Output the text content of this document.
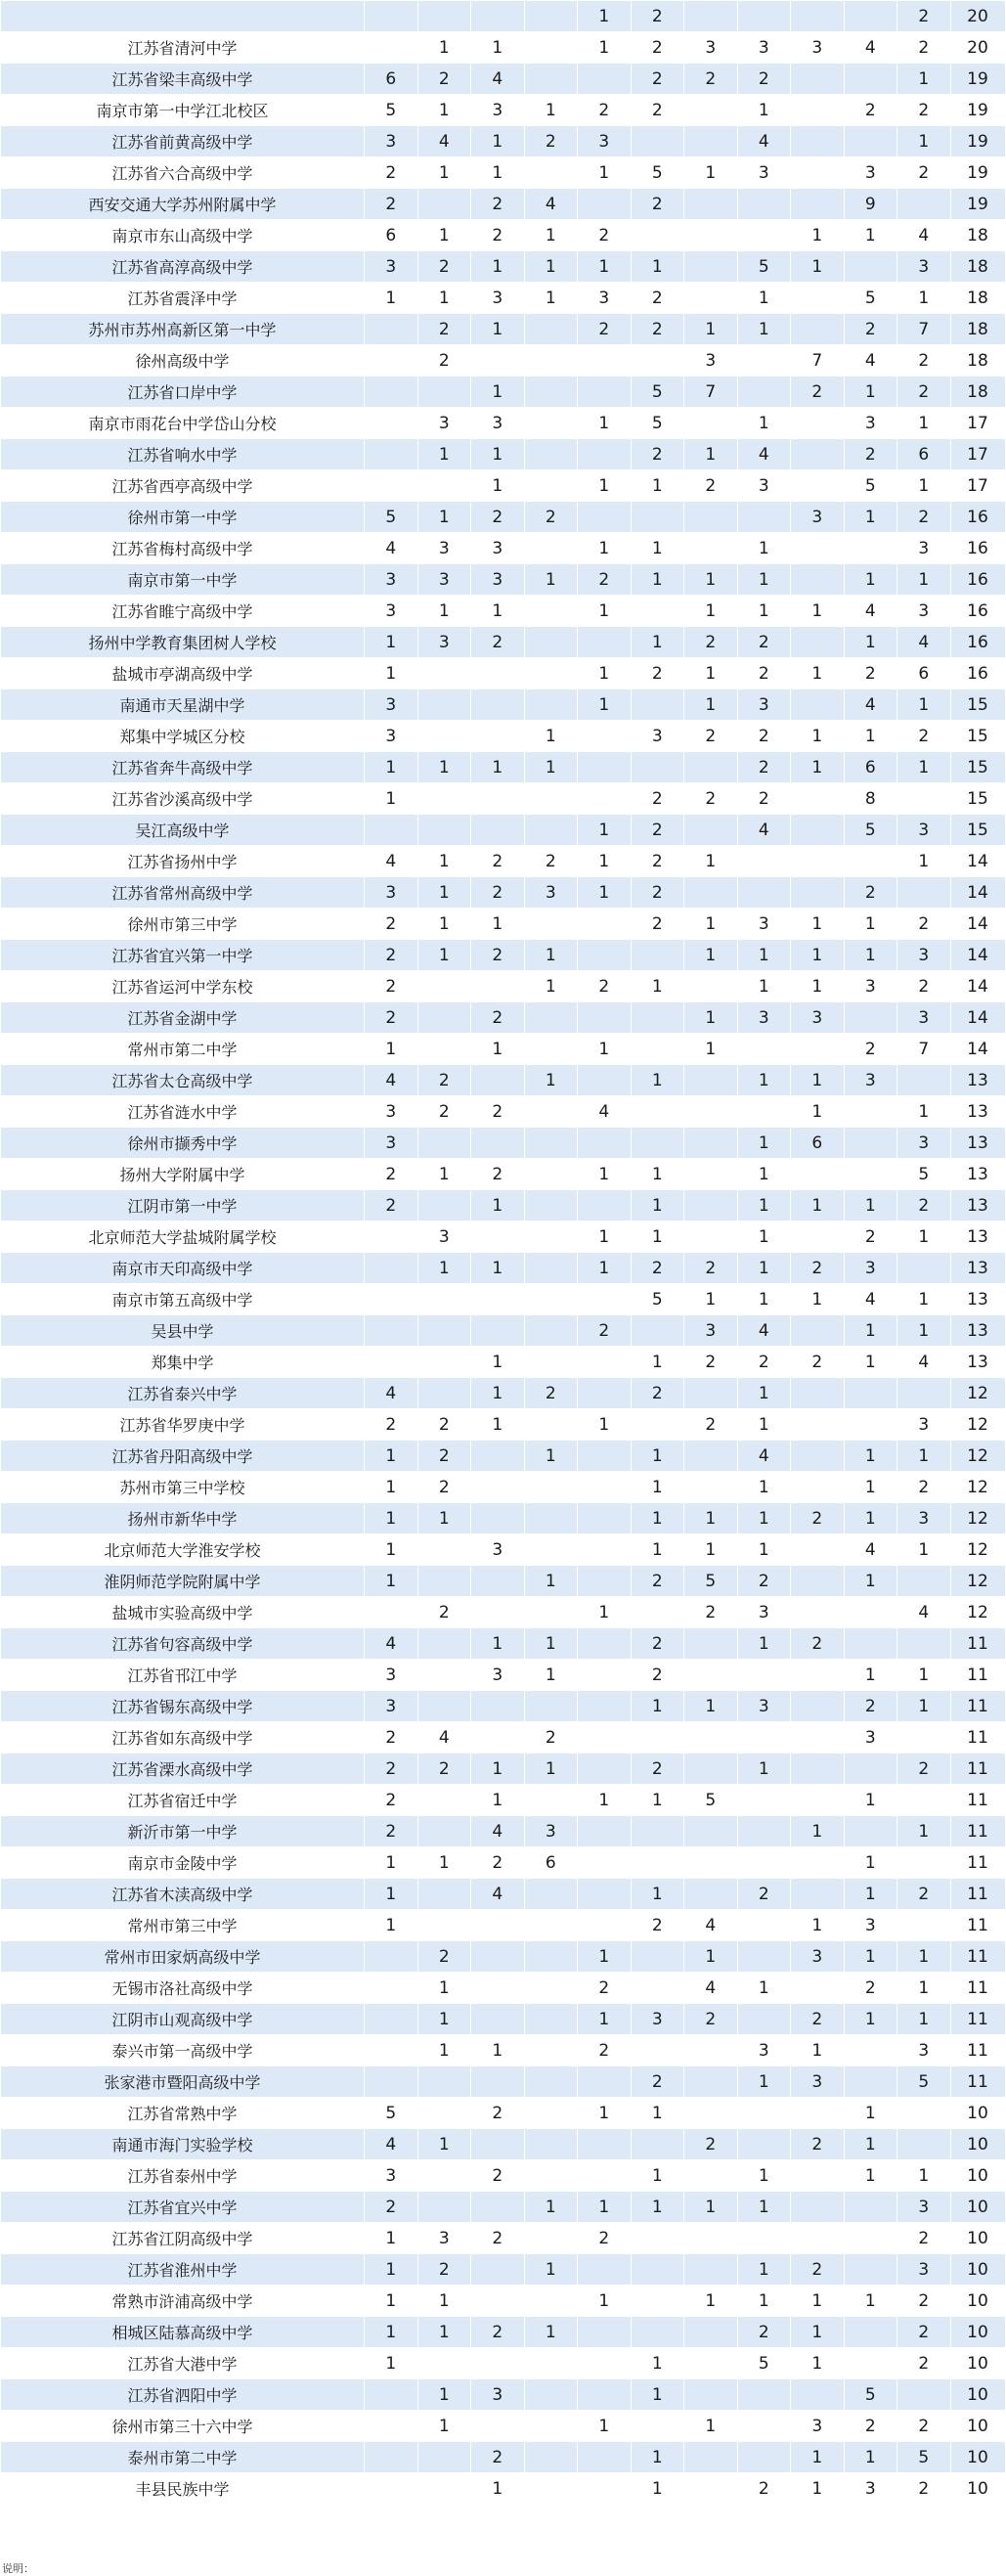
					1	2					2	20
江苏省清河中学		1	1		1	2	3	3	3	4	2	20
江苏省梁丰高级中学	6	2	4			2	2	2			1	19
南京市第一中学江北校区	5	1	3	1	2	2		1		2	2	19
江苏省前黄高级中学	3	4	1	2	3			4			1	19
江苏省六合高级中学	2	1	1		1	5	1	3		3	2	19
西安交通大学苏州附属中学	2		2	4		2				9		19
南京市东山高级中学	6	1	2	1	2				1	1	4	18
江苏省高淳高级中学	3	2	1	1	1	1		5	1		3	18
江苏省震泽中学	1	1	3	1	3	2		1		5	1	18
苏州市苏州高新区第一中学		2	1		2	2	1	1		2	7	18
徐州高级中学		2					3		7	4	2	18
江苏省口岸中学			1			5	7		2	1	2	18
南京市雨花台中学岱山分校		3	3		1	5		1		3	1	17
江苏省响水中学		1	1			2	1	4		2	6	17
江苏省西亭高级中学			1		1	1	2	3		5	1	17
徐州市第一中学	5	1	2	2					3	1	2	16
江苏省梅村高级中学	4	3	3		1	1		1			3	16
南京市第一中学	3	3	3	1	2	1	1	1		1	1	16
江苏省睢宁高级中学	3	1	1		1		1	1	1	4	3	16
扬州中学教育集团树人学校	1	3	2			1	2	2		1	4	16
盐城市亭湖高级中学	1				1	2	1	2	1	2	6	16
南通市天星湖中学	3				1		1	3		4	1	15
郑集中学城区分校	3			1		3	2	2	1	1	2	15
江苏省奔牛高级中学	1	1	1	1				2	1	6	1	15
江苏省沙溪高级中学	1					2	2	2		8		15
吴江高级中学					1	2		4		5	3	15
江苏省扬州中学	4	1	2	2	1	2	1				1	14
江苏省常州高级中学	3	1	2	3	1	2				2		14
徐州市第三中学	2	1	1			2	1	3	1	1	2	14
江苏省宜兴第一中学	2	1	2	1			1	1	1	1	3	14
江苏省运河中学东校	2			1	2	1		1	1	3	2	14
江苏省金湖中学	2		2				1	3	3		3	14
常州市第二中学	1		1		1		1			2	7	14
江苏省太仓高级中学	4	2		1		1		1	1	3		13
江苏省涟水中学	3	2	2		4				1		1	13
徐州市撷秀中学	3							1	6		3	13
扬州大学附属中学	2	1	2		1	1		1			5	13
江阴市第一中学	2		1			1		1	1	1	2	13
北京师范大学盐城附属学校		3			1	1		1		2	1	13
南京市天印高级中学		1	1		1	2	2	1	2	3		13
南京市第五高级中学						5	1	1	1	4	1	13
吴县中学					2		3	4		1	1	13
郑集中学			1			1	2	2	2	1	4	13
江苏省泰兴中学	4		1	2		2		1				12
江苏省华罗庚中学	2	2	1		1		2	1			3	12
江苏省丹阳高级中学	1	2		1		1		4		1	1	12
苏州市第三中学校	1	2				1		1		1	2	12
扬州市新华中学	1	1				1	1	1	2	1	3	12
北京师范大学淮安学校	1		3			1	1	1		4	1	12
淮阴师范学院附属中学	1			1		2	5	2		1		12
盐城市实验高级中学		2			1		2	3			4	12
江苏省句容高级中学	4		1	1		2		1	2			11
江苏省邗江中学	3		3	1		2				1	1	11
江苏省锡东高级中学	3					1	1	3		2	1	11
江苏省如东高级中学	2	4		2						3		11
江苏省溧水高级中学	2	2	1	1		2		1			2	11
江苏省宿迁中学	2		1		1	1	5			1		11
新沂市第一中学	2		4	3					1		1	11
南京市金陵中学	1	1	2	6						1		11
江苏省木渎高级中学	1		4			1		2		1	2	11
常州市第三中学	1					2	4		1	3		11
常州市田家炳高级中学		2			1		1		3	1	1	11
无锡市洛社高级中学		1			2		4	1		2	1	11
江阴市山观高级中学		1			1	3	2		2	1	1	11
泰兴市第一高级中学		1	1		2			3	1		3	11
张家港市暨阳高级中学						2		1	3		5	11
江苏省常熟中学	5		2		1	1				1		10
南通市海门实验学校	4	1					2		2	1		10
江苏省泰州中学	3		2			1		1		1	1	10
江苏省宜兴中学	2			1	1	1	1	1			3	10
江苏省江阴高级中学	1	3	2		2						2	10
江苏省淮州中学	1	2		1				1	2		3	10
常熟市浒浦高级中学	1	1			1		1	1	1	1	2	10
相城区陆慕高级中学	1	1	2	1				2	1		2	10
江苏省大港中学	1					1		5	1		2	10
江苏省泗阳中学		1	3			1				5		10
徐州市第三十六中学		1			1		1		3	2	2	10
泰州市第二中学			2			1			1	1	5	10
丰县民族中学			1			1		2	1	3	2	10
说明：
